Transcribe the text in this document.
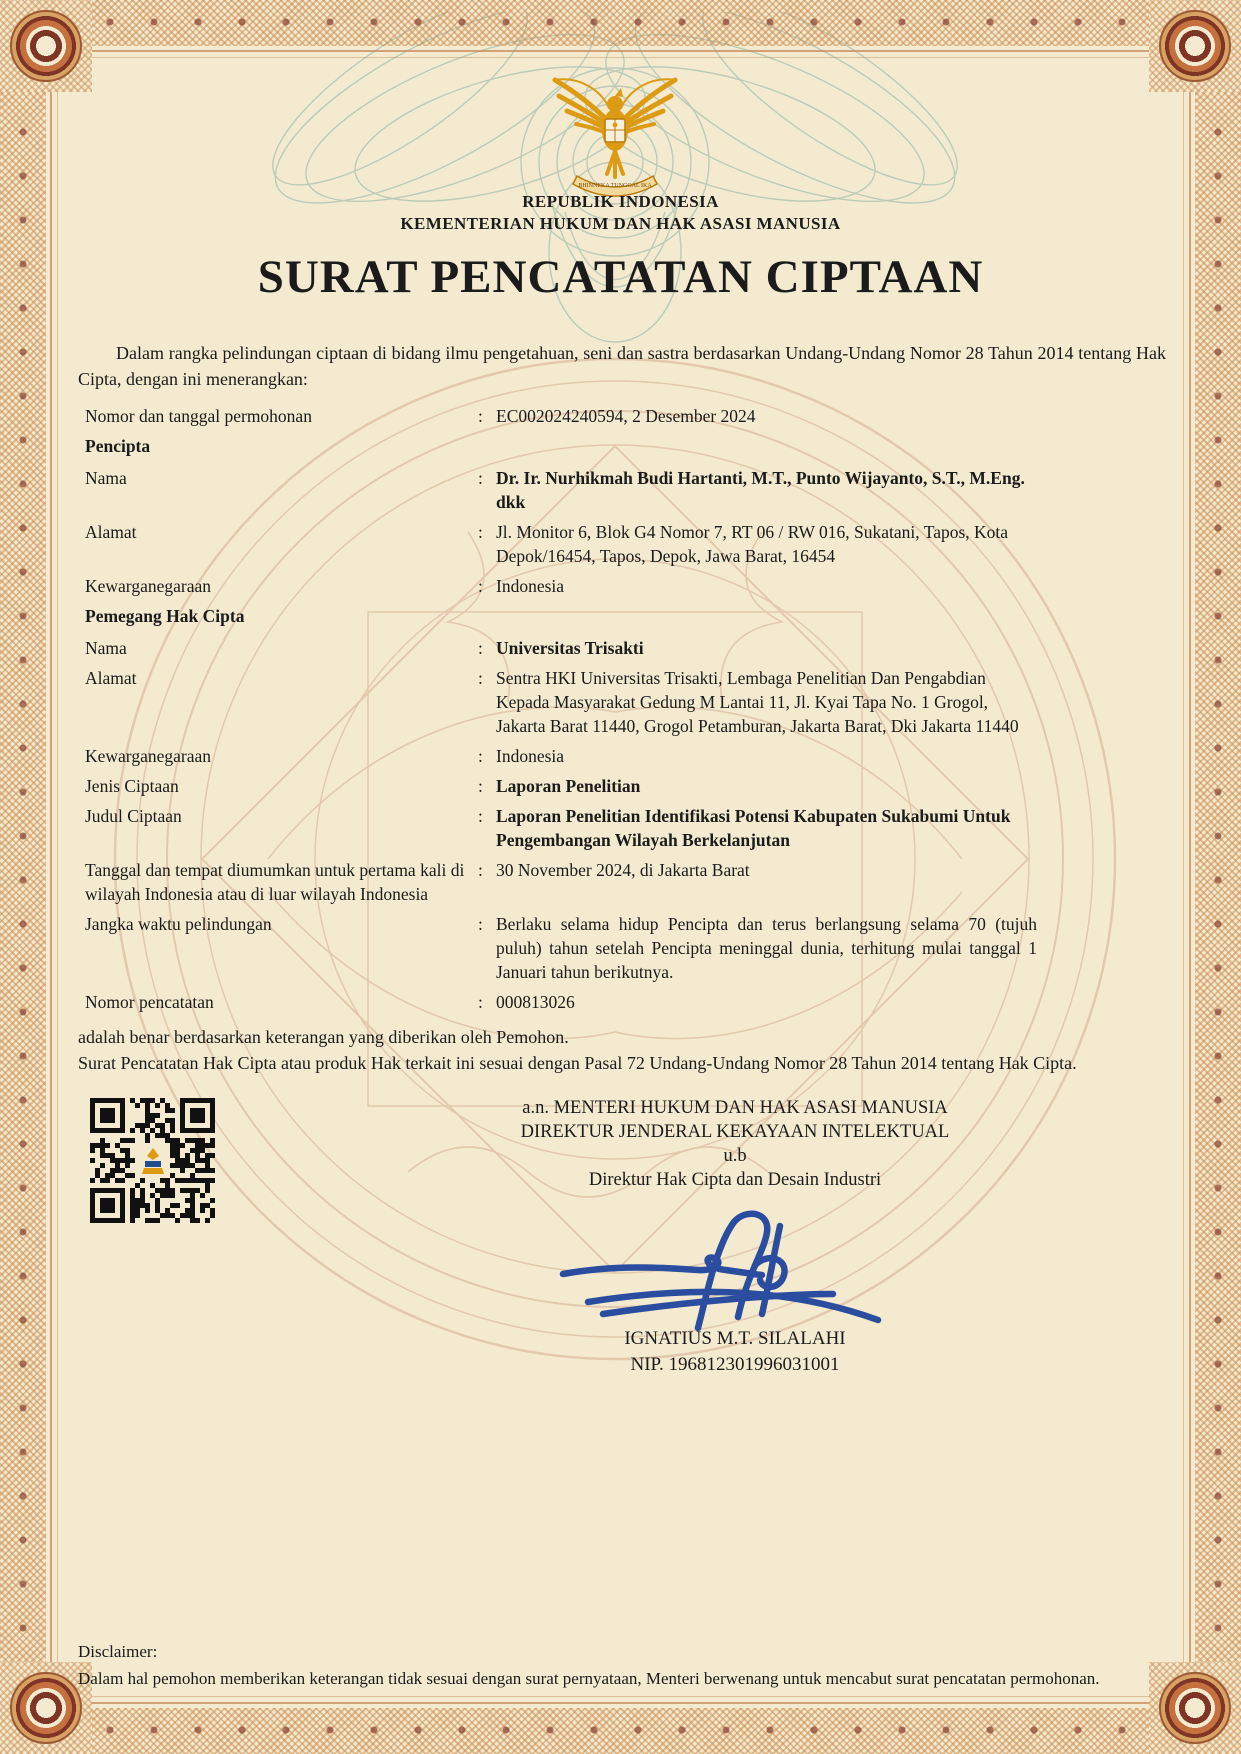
BHINNEKA TUNGGAL IKA
REPUBLIK INDONESIA
KEMENTERIAN HUKUM DAN HAK ASASI MANUSIA
SURAT PENCATATAN CIPTAAN
Dalam rangka pelindungan ciptaan di bidang ilmu pengetahuan, seni dan sastra berdasarkan Undang-Undang Nomor 28 Tahun 2014 tentang Hak Cipta, dengan ini menerangkan:
Nomor dan tanggal permohonan	: EC002024240594, 2 Desember 2024
Pencipta
Nama	: Dr. Ir. Nurhikmah Budi Hartanti, M.T., Punto Wijayanto, S.T., M.Eng. dkk
Alamat	: Jl. Monitor 6, Blok G4 Nomor 7, RT 06 / RW 016, Sukatani, Tapos, Kota Depok/16454, Tapos, Depok, Jawa Barat, 16454
Kewarganegaraan	: Indonesia
Pemegang Hak Cipta
Nama	: Universitas Trisakti
Alamat	: Sentra HKI Universitas Trisakti, Lembaga Penelitian Dan Pengabdian Kepada Masyarakat Gedung M Lantai 11, Jl. Kyai Tapa No. 1 Grogol, Jakarta Barat 11440, Grogol Petamburan, Jakarta Barat, Dki Jakarta 11440
Kewarganegaraan	: Indonesia
Jenis Ciptaan	: Laporan Penelitian
Judul Ciptaan	: Laporan Penelitian Identifikasi Potensi Kabupaten Sukabumi Untuk Pengembangan Wilayah Berkelanjutan
Tanggal dan tempat diumumkan untuk pertama kali di wilayah Indonesia atau di luar wilayah Indonesia
: 30 November 2024, di Jakarta Barat
Jangka waktu pelindungan	: Berlaku selama hidup Pencipta dan terus berlangsung selama 70 (tujuh puluh) tahun setelah Pencipta meninggal dunia, terhitung mulai tanggal 1 Januari tahun berikutnya.
Nomor pencatatan	: 000813026
adalah benar berdasarkan keterangan yang diberikan oleh Pemohon.
Surat Pencatatan Hak Cipta atau produk Hak terkait ini sesuai dengan Pasal 72 Undang-Undang Nomor 28 Tahun 2014 tentang Hak Cipta.
a.n. MENTERI HUKUM DAN HAK ASASI MANUSIA
DIREKTUR JENDERAL KEKAYAAN INTELEKTUAL
u.b
Direktur Hak Cipta dan Desain Industri
IGNATIUS M.T. SILALAHI
NIP. 196812301996031001
Disclaimer:
Dalam hal pemohon memberikan keterangan tidak sesuai dengan surat pernyataan, Menteri berwenang untuk mencabut surat pencatatan permohonan.
